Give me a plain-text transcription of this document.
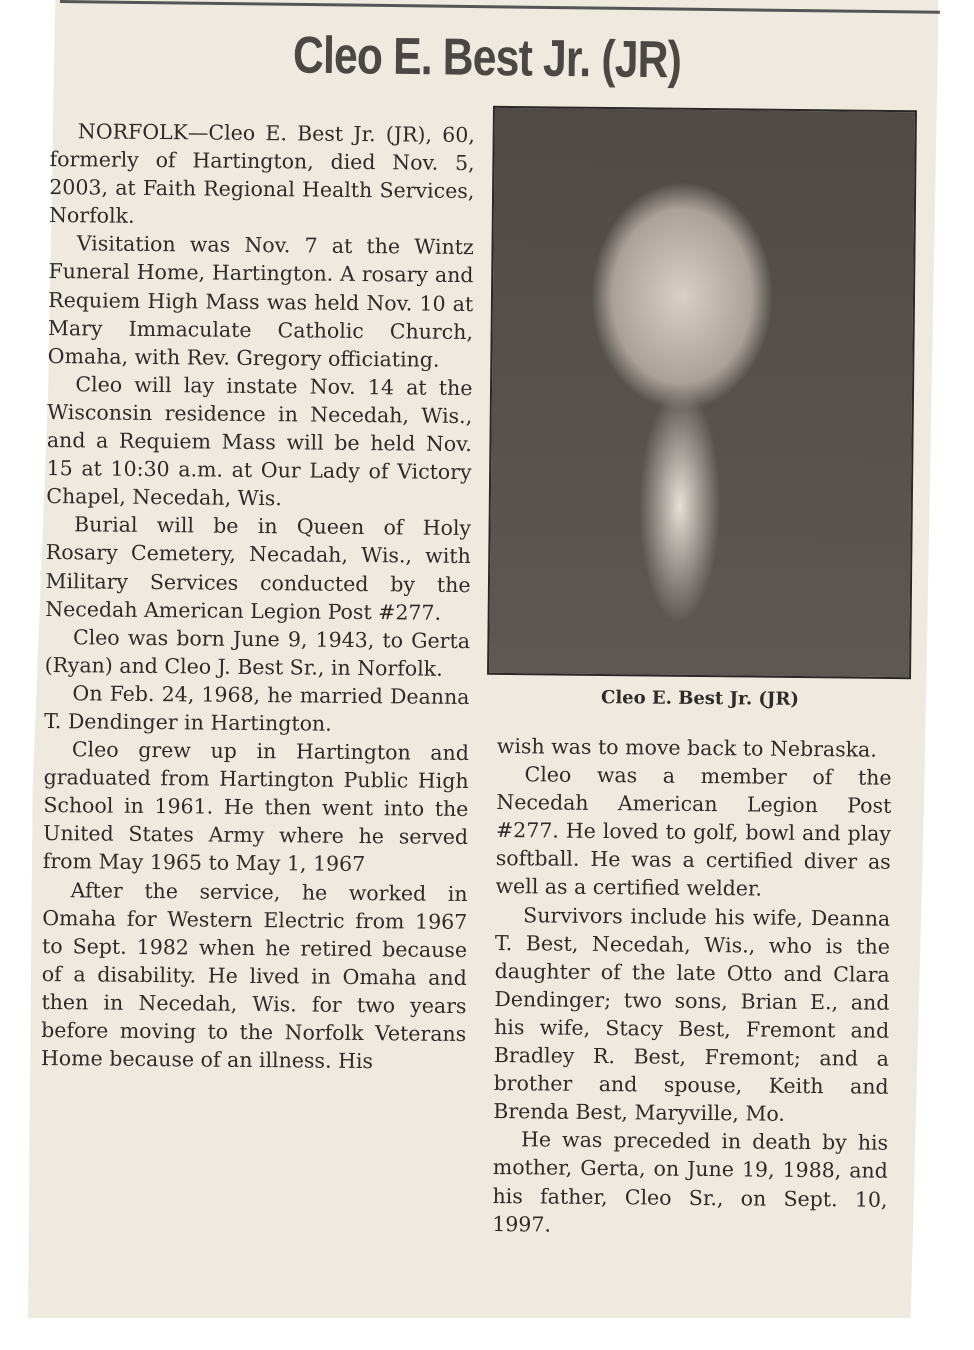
Cleo E. Best Jr. (JR)

NORFOLK—Cleo E. Best Jr. (JR), 60, formerly of Hartington, died Nov. 5, 2003, at Faith Regional Health Services, Norfolk.

Visitation was Nov. 7 at the Wintz Funeral Home, Hartington. A rosary and Requiem High Mass was held Nov. 10 at Mary Immaculate Catholic Church, Omaha, with Rev. Gregory officiating.

Cleo will lay instate Nov. 14 at the Wisconsin residence in Necedah, Wis., and a Requiem Mass will be held Nov. 15 at 10:30 a.m. at Our Lady of Victory Chapel, Necedah, Wis.

Burial will be in Queen of Holy Rosary Cemetery, Necadah, Wis., with Military Services conducted by the Necedah American Legion Post #277.

Cleo was born June 9, 1943, to Gerta (Ryan) and Cleo J. Best Sr., in Norfolk.

On Feb. 24, 1968, he married Deanna T. Dendinger in Hartington.

Cleo grew up in Hartington and graduated from Hartington Public High School in 1961. He then went into the United States Army where he served from May 1965 to May 1, 1967

After the service, he worked in Omaha for Western Electric from 1967 to Sept. 1982 when he retired because of a disability. He lived in Omaha and then in Necedah, Wis. for two years before moving to the Norfolk Veterans Home because of an illness. His

Cleo E. Best Jr. (JR)

wish was to move back to Nebraska.

Cleo was a member of the Necedah American Legion Post #277. He loved to golf, bowl and play softball. He was a certified diver as well as a certified welder.

Survivors include his wife, Deanna T. Best, Necedah, Wis., who is the daughter of the late Otto and Clara Dendinger; two sons, Brian E., and his wife, Stacy Best, Fremont and Bradley R. Best, Fremont; and a brother and spouse, Keith and Brenda Best, Maryville, Mo.

He was preceded in death by his mother, Gerta, on June 19, 1988, and his father, Cleo Sr., on Sept. 10, 1997.
